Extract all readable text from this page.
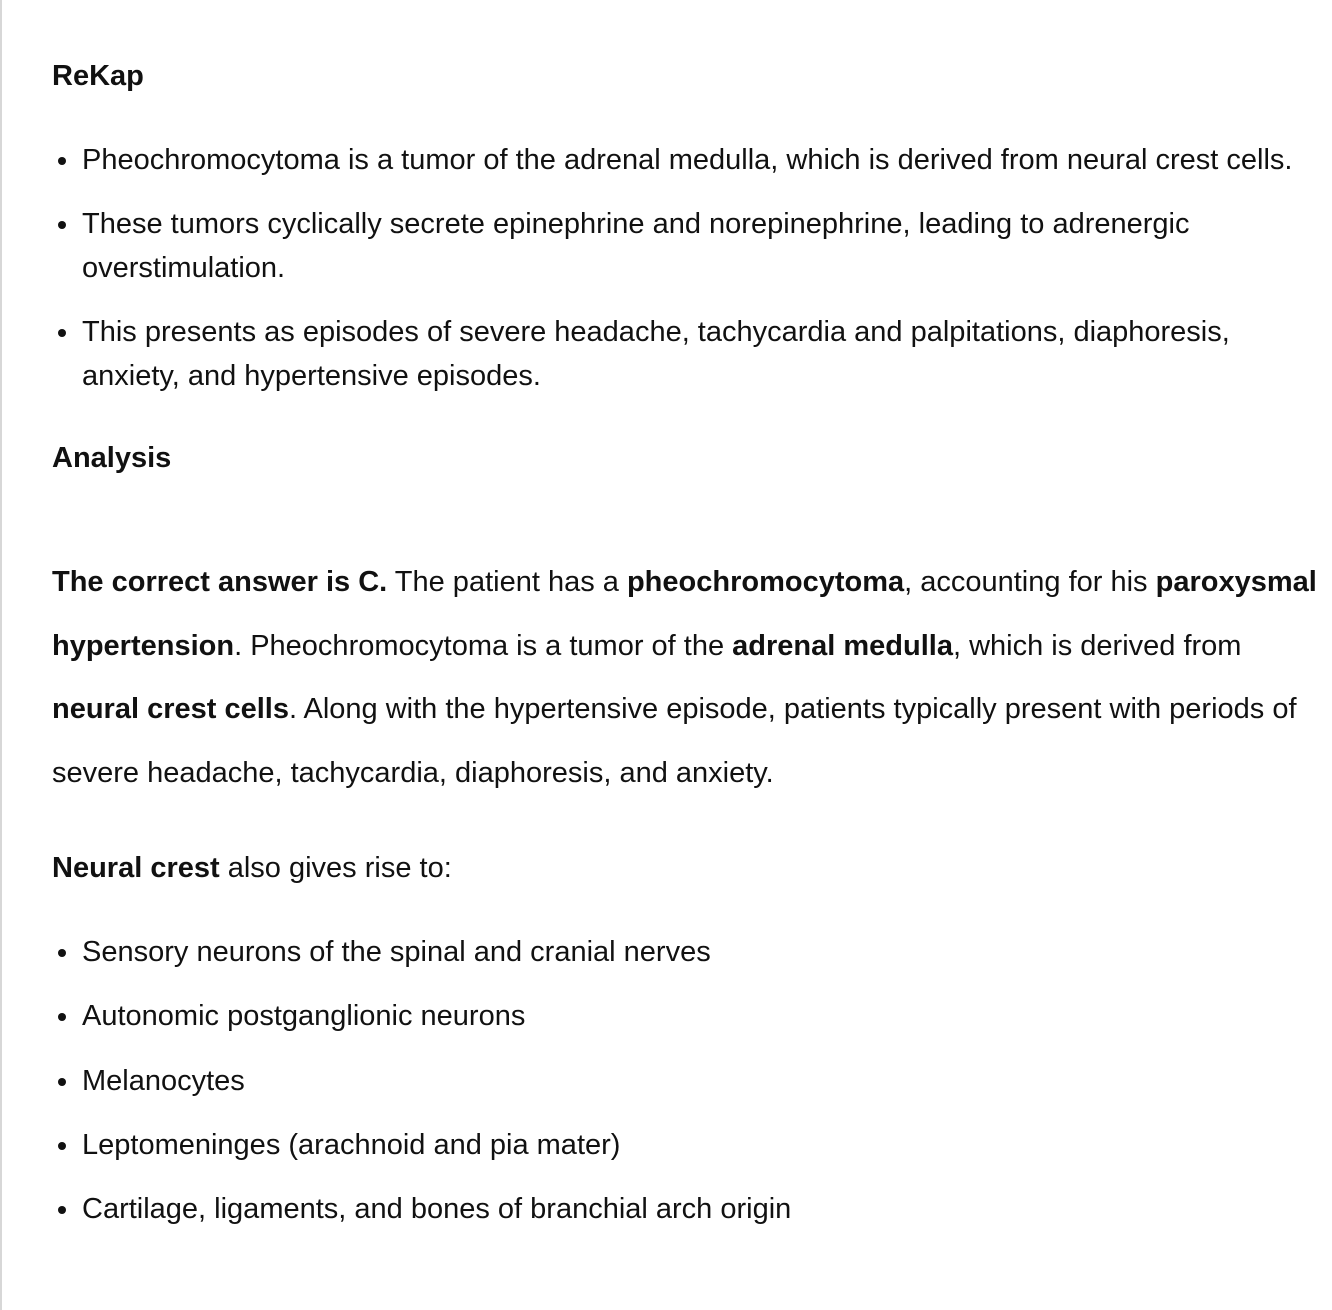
ReKap
Pheochromocytoma is a tumor of the adrenal medulla, which is derived from neural crest cells.
These tumors cyclically secrete epinephrine and norepinephrine, leading to adrenergic overstimulation.
This presents as episodes of severe headache, tachycardia and palpitations, diaphoresis, anxiety, and hypertensive episodes.
Analysis

The correct answer is C. The patient has a pheochromocytoma, accounting for his paroxysmal hypertension. Pheochromocytoma is a tumor of the adrenal medulla, which is derived from neural crest cells. Along with the hypertensive episode, patients typically present with periods of severe headache, tachycardia, diaphoresis, and anxiety.

Neural crest also gives rise to:

Sensory neurons of the spinal and cranial nerves
Autonomic postganglionic neurons
Melanocytes
Leptomeninges (arachnoid and pia mater)
Cartilage, ligaments, and bones of branchial arch origin
